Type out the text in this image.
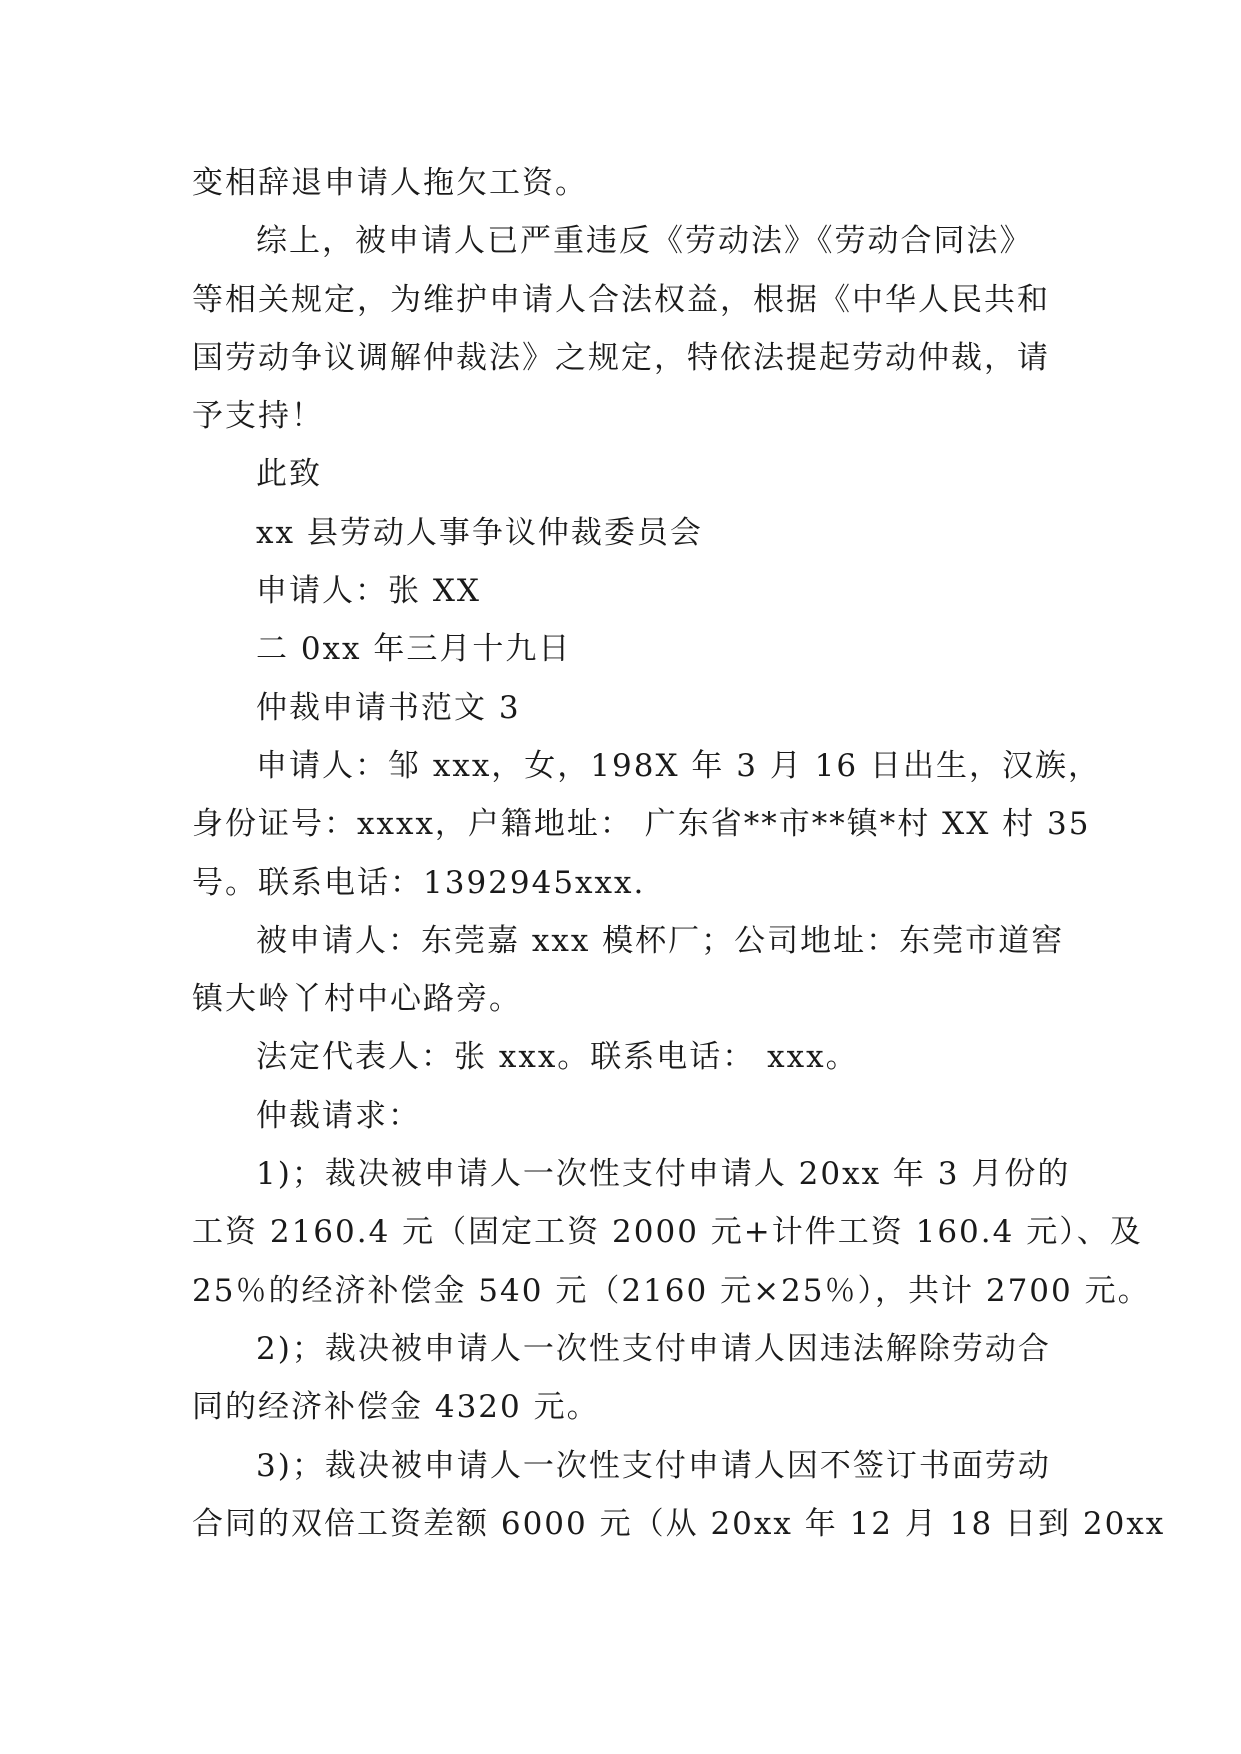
变相辞退申请人拖欠工资。
综上，被申请人已严重违反《劳动法》《劳动合同法》
等相关规定，为维护申请人合法权益，根据《中华人民共和
国劳动争议调解仲裁法》之规定，特依法提起劳动仲裁，请
予支持！
此致
xx 县劳动人事争议仲裁委员会
申请人：张 XX
二 0xx 年三月十九日
仲裁申请书范文 3
申请人：邹 xxx，女，198X 年 3 月 16 日出生，汉族，
身份证号：xxxx，户籍地址： 广东省**市**镇*村 XX 村 35
号。联系电话：1392945xxx.
被申请人：东莞嘉 xxx 模杯厂；公司地址：东莞市道窖
镇大岭丫村中心路旁。
法定代表人：张 xxx。联系电话： xxx。
仲裁请求：
1)；裁决被申请人一次性支付申请人 20xx 年 3 月份的
工资 2160.4 元（固定工资 2000 元+计件工资 160.4 元）、及
25％的经济补偿金 540 元（2160 元×25％），共计 2700 元。
2)；裁决被申请人一次性支付申请人因违法解除劳动合
同的经济补偿金 4320 元。
3)；裁决被申请人一次性支付申请人因不签订书面劳动
合同的双倍工资差额 6000 元（从 20xx 年 12 月 18 日到 20xx
